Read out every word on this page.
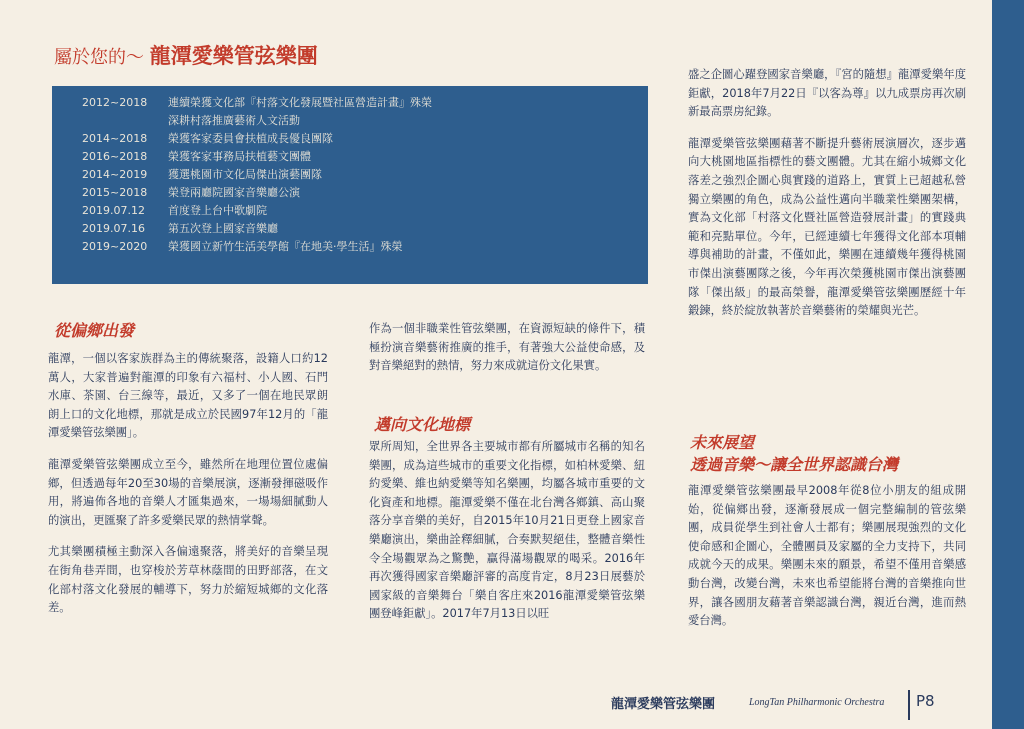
屬於您的～ 龍潭愛樂管弦樂團
2012~2018	連續榮獲文化部『村落文化發展暨社區營造計畫』殊榮
深耕村落推廣藝術人文活動
2014~2018	榮獲客家委員會扶植成長優良團隊
2016~2018	榮獲客家事務局扶植藝文團體
2014~2019	獲選桃園市文化局傑出演藝團隊
2015~2018	榮登兩廳院國家音樂廳公演
2019.07.12	首度登上台中歌劇院
2019.07.16	第五次登上國家音樂廳
2019~2020	榮獲國立新竹生活美學館『在地美‧學生活』殊榮
從偏鄉出發

龍潭，一個以客家族群為主的傳統聚落，設籍人口約12萬人，大家普遍對龍潭的印象有六福村、小人國、石門水庫、茶園、台三線等，最近，又多了一個在地民眾朗朗上口的文化地標，那就是成立於民國97年12月的「龍潭愛樂管弦樂團」。

龍潭愛樂管弦樂團成立至今，雖然所在地理位置位處偏鄉，但透過每年20至30場的音樂展演，逐漸發揮磁吸作用，將遍佈各地的音樂人才匯集過來，一場場細膩動人的演出，更匯聚了許多愛樂民眾的熱情掌聲。

尤其樂團積極主動深入各偏遠聚落，將美好的音樂呈現在街角巷弄間，也穿梭於芳草林蔭間的田野部落，在文化部村落文化發展的輔導下，努力於縮短城鄉的文化落差。

作為一個非職業性管弦樂團，在資源短缺的條件下，積極扮演音樂藝術推廣的推手，有著強大公益使命感，及對音樂絕對的熱情，努力來成就這份文化果實。

邁向文化地標

眾所周知，全世界各主要城市都有所屬城市名稱的知名樂團，成為這些城市的重要文化指標，如柏林愛樂、紐約愛樂、維也納愛樂等知名樂團，均屬各城市重要的文化資產和地標。龍潭愛樂不僅在北台灣各鄉鎮、高山聚落分享音樂的美好，自2015年10月21日更登上國家音樂廳演出，樂曲詮釋細膩，合奏默契絕佳，整體音樂性令全場觀眾為之驚艷，贏得滿場觀眾的喝采。2016年再次獲得國家音樂廳評審的高度肯定，8月23日展藝於國家級的音樂舞台「樂自客庄來2016龍潭愛樂管弦樂團登峰鉅獻」。2017年7月13日以旺

盛之企圖心躍登國家音樂廳，『宮的隨想』龍潭愛樂年度鉅獻，2018年7月22日『以客為尊』以九成票房再次刷新最高票房紀錄。

龍潭愛樂管弦樂團藉著不斷提升藝術展演層次，逐步邁向大桃園地區指標性的藝文團體。尤其在縮小城鄉文化落差之強烈企圖心與實踐的道路上，實質上已超越私營獨立樂團的角色，成為公益性邁向半職業性樂團架構，實為文化部「村落文化暨社區營造發展計畫」的實踐典範和亮點單位。今年，已經連續七年獲得文化部本項輔導與補助的計畫，不僅如此，樂團在連續幾年獲得桃園市傑出演藝團隊之後，今年再次榮獲桃園市傑出演藝團隊「傑出級」的最高榮譽，龍潭愛樂管弦樂團歷經十年鍛鍊，終於綻放執著於音樂藝術的榮耀與光芒。

未來展望
透過音樂～讓全世界認識台灣

龍潭愛樂管弦樂團最早2008年從8位小朋友的組成開始，從偏鄉出發，逐漸發展成一個完整編制的管弦樂團，成員從學生到社會人士都有；樂團展現強烈的文化使命感和企圖心，全體團員及家屬的全力支持下，共同成就今天的成果。樂團未來的願景，希望不僅用音樂感動台灣，改變台灣，未來也希望能將台灣的音樂推向世界，讓各國朋友藉著音樂認識台灣，親近台灣，進而熱愛台灣。

龍潭愛樂管弦樂團	LongTan Philharmonic Orchestra P8
